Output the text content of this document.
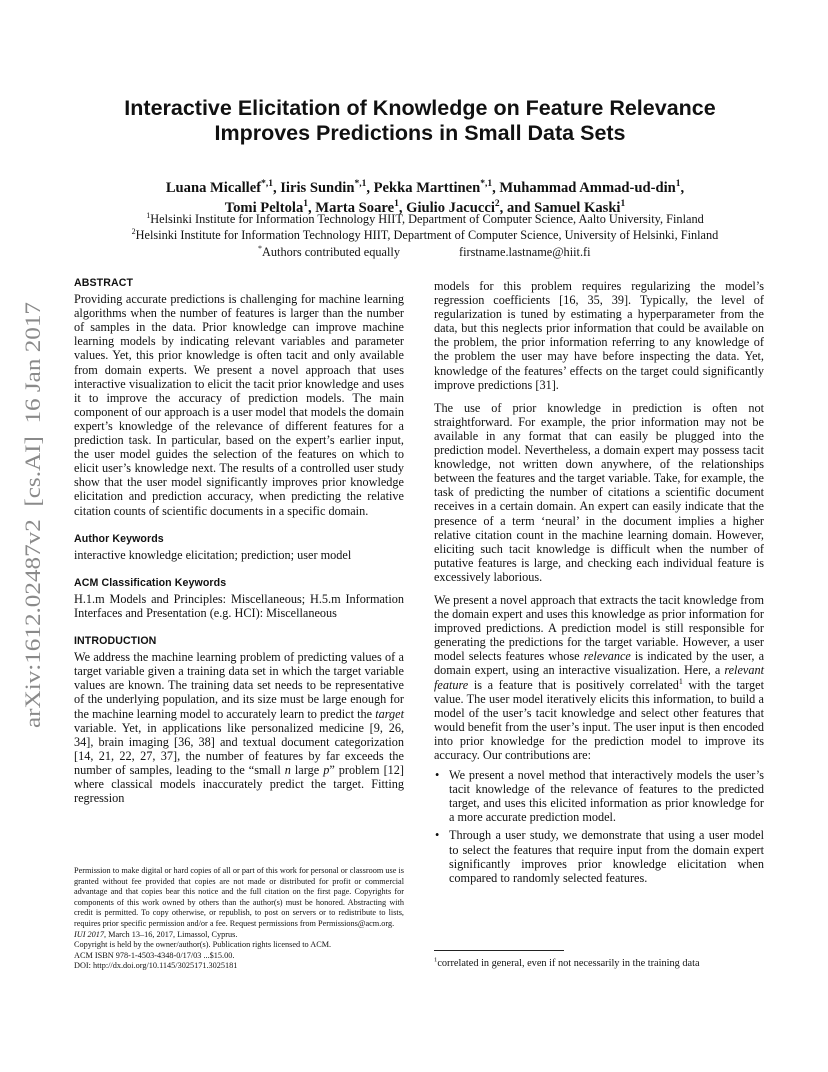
arXiv:1612.02487v2  [cs.AI]  16 Jan 2017
Interactive Elicitation of Knowledge on Feature Relevance
Improves Predictions in Small Data Sets
Luana Micallef$^{*,1}$, Iiris Sundin$^{*,1}$, Pekka Marttinen$^{*,1}$, Muhammad Ammad-ud-din$^1$,
Tomi Peltola$^1$, Marta Soare$^1$, Giulio Jacucci$^2$, and Samuel Kaski$^1$
$^1$Helsinki Institute for Information Technology HIIT, Department of Computer Science, Aalto University, Finland
$^2$Helsinki Institute for Information Technology HIIT, Department of Computer Science, University of Helsinki, Finland
*Authors contributed equally	firstname.lastname@hiit.fi
ABSTRACT

Providing accurate predictions is challenging for machine learning algorithms when the number of features is larger than the number of samples in the data. Prior knowledge can improve machine learning models by indicating relevant variables and parameter values. Yet, this prior knowledge is often tacit and only available from domain experts. We present a novel approach that uses interactive visualization to elicit the tacit prior knowledge and uses it to improve the accuracy of prediction models. The main component of our approach is a user model that models the domain expert’s knowledge of the relevance of different features for a prediction task. In particular, based on the expert’s earlier input, the user model guides the selection of the features on which to elicit user’s knowledge next. The results of a controlled user study show that the user model significantly improves prior knowledge elicitation and prediction accuracy, when predicting the relative citation counts of scientific documents in a specific domain.

Author Keywords

interactive knowledge elicitation; prediction; user model

ACM Classification Keywords

H.1.m Models and Principles: Miscellaneous; H.5.m Information Interfaces and Presentation (e.g. HCI): Miscellaneous

INTRODUCTION

We address the machine learning problem of predicting values of a target variable given a training data set in which the target variable values are known. The training data set needs to be representative of the underlying population, and its size must be large enough for the machine learning model to accurately learn to predict the target variable. Yet, in applications like personalized medicine [9, 26, 34], brain imaging [36, 38] and textual document categorization [14, 21, 22, 27, 37], the number of features by far exceeds the number of samples, leading to the “small n large p” problem [12] where classical models inaccurately predict the target. Fitting regression

Permission to make digital or hard copies of all or part of this work for personal or classroom use is granted without fee provided that copies are not made or distributed for profit or commercial advantage and that copies bear this notice and the full citation on the first page. Copyrights for components of this work owned by others than the author(s) must be honored. Abstracting with credit is permitted. To copy otherwise, or republish, to post on servers or to redistribute to lists, requires prior specific permission and/or a fee. Request permissions from Permissions@acm.org.

IUI 2017, March 13–16, 2017, Limassol, Cyprus.

Copyright is held by the owner/author(s). Publication rights licensed to ACM.

ACM ISBN 978-1-4503-4348-0/17/03 ...$15.00.

DOI: http://dx.doi.org/10.1145/3025171.3025181

models for this problem requires regularizing the model’s regression coefficients [16, 35, 39]. Typically, the level of regularization is tuned by estimating a hyperparameter from the data, but this neglects prior information that could be available on the problem, the prior information referring to any knowledge of the problem the user may have before inspecting the data. Yet, knowledge of the features’ effects on the target could significantly improve predictions [31].

The use of prior knowledge in prediction is often not straightforward. For example, the prior information may not be available in any format that can easily be plugged into the prediction model. Nevertheless, a domain expert may possess tacit knowledge, not written down anywhere, of the relationships between the features and the target variable. Take, for example, the task of predicting the number of citations a scientific document receives in a certain domain. An expert can easily indicate that the presence of a term ‘neural’ in the document implies a higher relative citation count in the machine learning domain. However, eliciting such tacit knowledge is difficult when the number of putative features is large, and checking each individual feature is excessively laborious.

We present a novel approach that extracts the tacit knowledge from the domain expert and uses this knowledge as prior information for improved predictions. A prediction model is still responsible for generating the predictions for the target variable. However, a user model selects features whose relevance is indicated by the user, a domain expert, using an interactive visualization. Here, a relevant feature is a feature that is positively correlated$^1$ with the target value. The user model iteratively elicits this information, to build a model of the user’s tacit knowledge and select other features that would benefit from the user’s input. The user input is then encoded into prior knowledge for the prediction model to improve its accuracy. Our contributions are:

• We present a novel method that interactively models the user’s tacit knowledge of the relevance of features to the predicted target, and uses this elicited information as prior knowledge for a more accurate prediction model.
• Through a user study, we demonstrate that using a user model to select the features that require input from the domain expert significantly improves prior knowledge elicitation when compared to randomly selected features.
$^1$correlated in general, even if not necessarily in the training data
